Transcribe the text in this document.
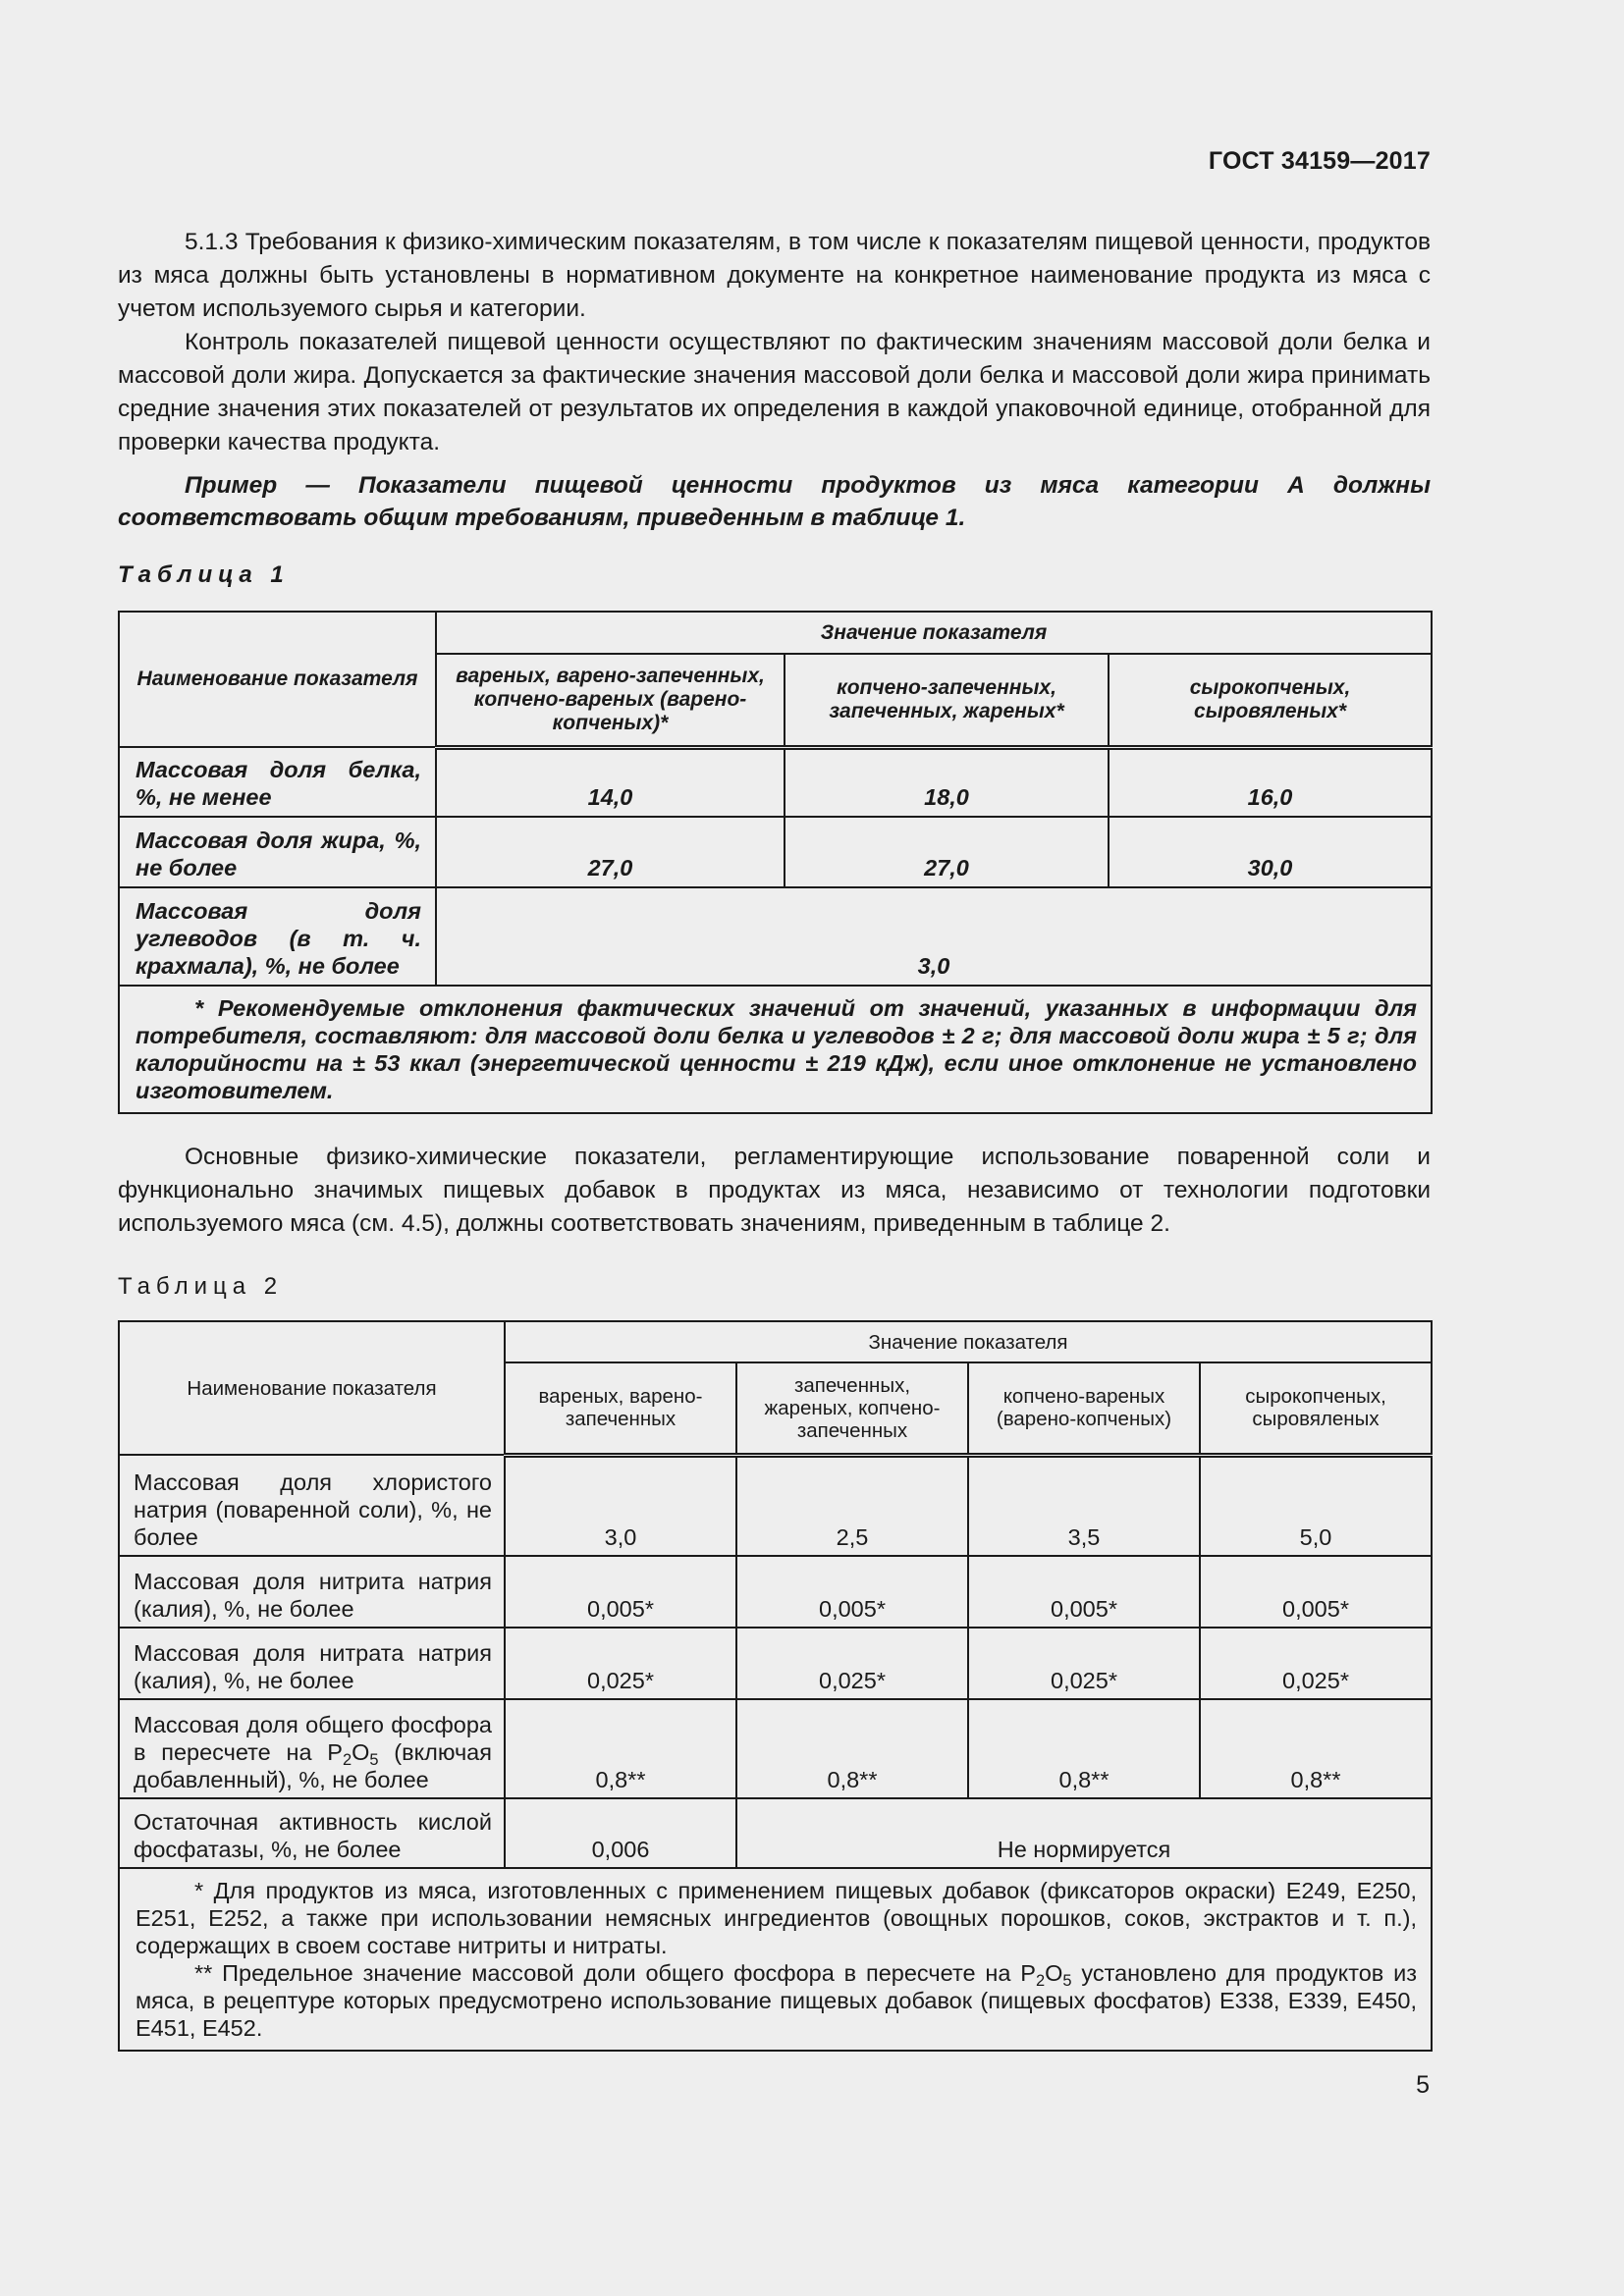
ГОСТ 34159—2017

5.1.3 Требования к физико-химическим показателям, в том числе к показателям пищевой ценности, продуктов из мяса должны быть установлены в нормативном документе на конкретное наименование продукта из мяса с учетом используемого сырья и категории.

Контроль показателей пищевой ценности осуществляют по фактическим значениям массовой доли белка и массовой доли жира. Допускается за фактические значения массовой доли белка и массовой доли жира принимать средние значения этих показателей от результатов их определения в каждой упаковочной единице, отобранной для проверки качества продукта.

Пример — Показатели пищевой ценности продуктов из мяса категории А должны соответствовать общим требованиям, приведенным в таблице 1.

Таблица 1
Наименование показателя	Значение показателя		
	вареных, варено-запеченных, копчено-вареных (варено-копченых)*	копчено-запеченных, запеченных, жареных*	сырокопченых, сыровяленых*
Массовая доля белка, %, не менее	14,0	18,0	16,0
Массовая доля жира, %, не более	27,0	27,0	30,0
Массовая доля углеводов (в т. ч. крахмала), %, не более	3,0		

* Рекомендуемые отклонения фактических значений от значений, указанных в информации для потребителя, составляют: для массовой доли белка и углеводов ± 2 г; для массовой доли жира ± 5 г; для калорийности на ± 53 ккал (энергетической ценности ± 219 кДж), если иное отклонение не установлено изготовителем.			

Основные физико-химические показатели, регламентирующие использование поваренной соли и функционально значимых пищевых добавок в продуктах из мяса, независимо от технологии подготовки используемого мяса (см. 4.5), должны соответствовать значениям, приведенным в таблице 2.

Таблица 2
Наименование показателя	Значение показателя			
	вареных, варено-запеченных	запеченных, жареных, копчено-запеченных	копчено-вареных (варено-копченых)	сырокопченых, сыровяленых
Массовая доля хлористого натрия (поваренной соли), %, не более	3,0	2,5	3,5	5,0
Массовая доля нитрита натрия (калия), %, не более	0,005*	0,005*	0,005*	0,005*
Массовая доля нитрата натрия (калия), %, не более	0,025*	0,025*	0,025*	0,025*
Массовая доля общего фосфора в пересчете на $P_2O_5$ (включая добавленный), %, не более	0,8**	0,8**	0,8**	0,8**
Остаточная активность кислой фосфатазы, %, не более	0,006	Не нормируется		

* Для продуктов из мяса, изготовленных с применением пищевых добавок (фиксаторов окраски) Е249, Е250, Е251, Е252, а также при использовании немясных ингредиентов (овощных порошков, соков, экстрактов и т. п.), содержащих в своем составе нитриты и нитраты.

** Предельное значение массовой доли общего фосфора в пересчете на $P_2O_5$ установлено для продуктов из мяса, в рецептуре которых предусмотрено использование пищевых добавок (пищевых фосфатов) Е338, Е339, Е450, Е451, Е452.				

5
